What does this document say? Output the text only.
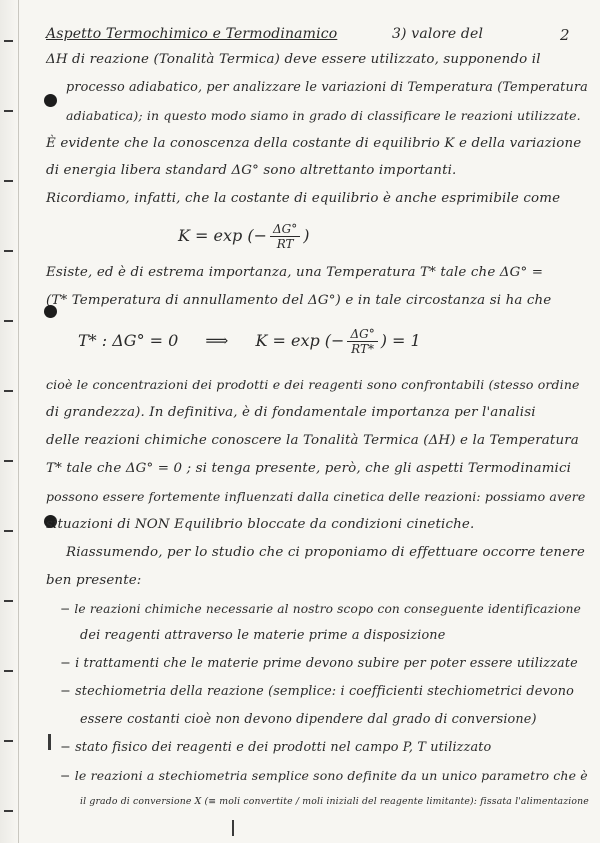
Aspetto Termochimico e Termodinamico	3) valore del	2
ΔH di reazione (Tonalità Termica) deve essere utilizzato, supponendo il
processo adiabatico, per analizzare le variazioni di Temperatura (Temperatura
adiabatica); in questo modo siamo in grado di classificare le reazioni utilizzate.
È evidente che la conoscenza della costante di equilibrio K e della variazione
di energia libera standard ΔG° sono altrettanto importanti.
Ricordiamo, infatti, che la costante di equilibrio è anche esprimibile come
K = exp (− $\frac{\Delta G^\circ}{RT}$ )
Esiste, ed è di estrema importanza, una Temperatura T* tale che ΔG° =
(T* Temperatura di annullamento del ΔG°) e in tale circostanza si ha che
T* : ΔG° = 0 ⟹ K = exp (− $\frac{\Delta G^\circ}{RT*}$ ) = 1
cioè le concentrazioni dei prodotti e dei reagenti sono confrontabili (stesso ordine
di grandezza). In definitiva, è di fondamentale importanza per l'analisi
delle reazioni chimiche conoscere la Tonalità Termica (ΔH) e la Temperatura
T* tale che ΔG° = 0 ; si tenga presente, però, che gli aspetti Termodinamici
possono essere fortemente influenzati dalla cinetica delle reazioni: possiamo avere
situazioni di NON Equilibrio bloccate da condizioni cinetiche.
Riassumendo, per lo studio che ci proponiamo di effettuare occorre tenere
ben presente:
− le reazioni chimiche necessarie al nostro scopo con conseguente identificazione
dei reagenti attraverso le materie prime a disposizione
− i trattamenti che le materie prime devono subire per poter essere utilizzate
− stechiometria della reazione (semplice: i coefficienti stechiometrici devono
essere costanti cioè non devono dipendere dal grado di conversione)
− stato fisico dei reagenti e dei prodotti nel campo P, T utilizzato
− le reazioni a stechiometria semplice sono definite da un unico parametro che è
il grado di conversione X (≡ moli convertite / moli iniziali del reagente limitante): fissata l'alimentazione
